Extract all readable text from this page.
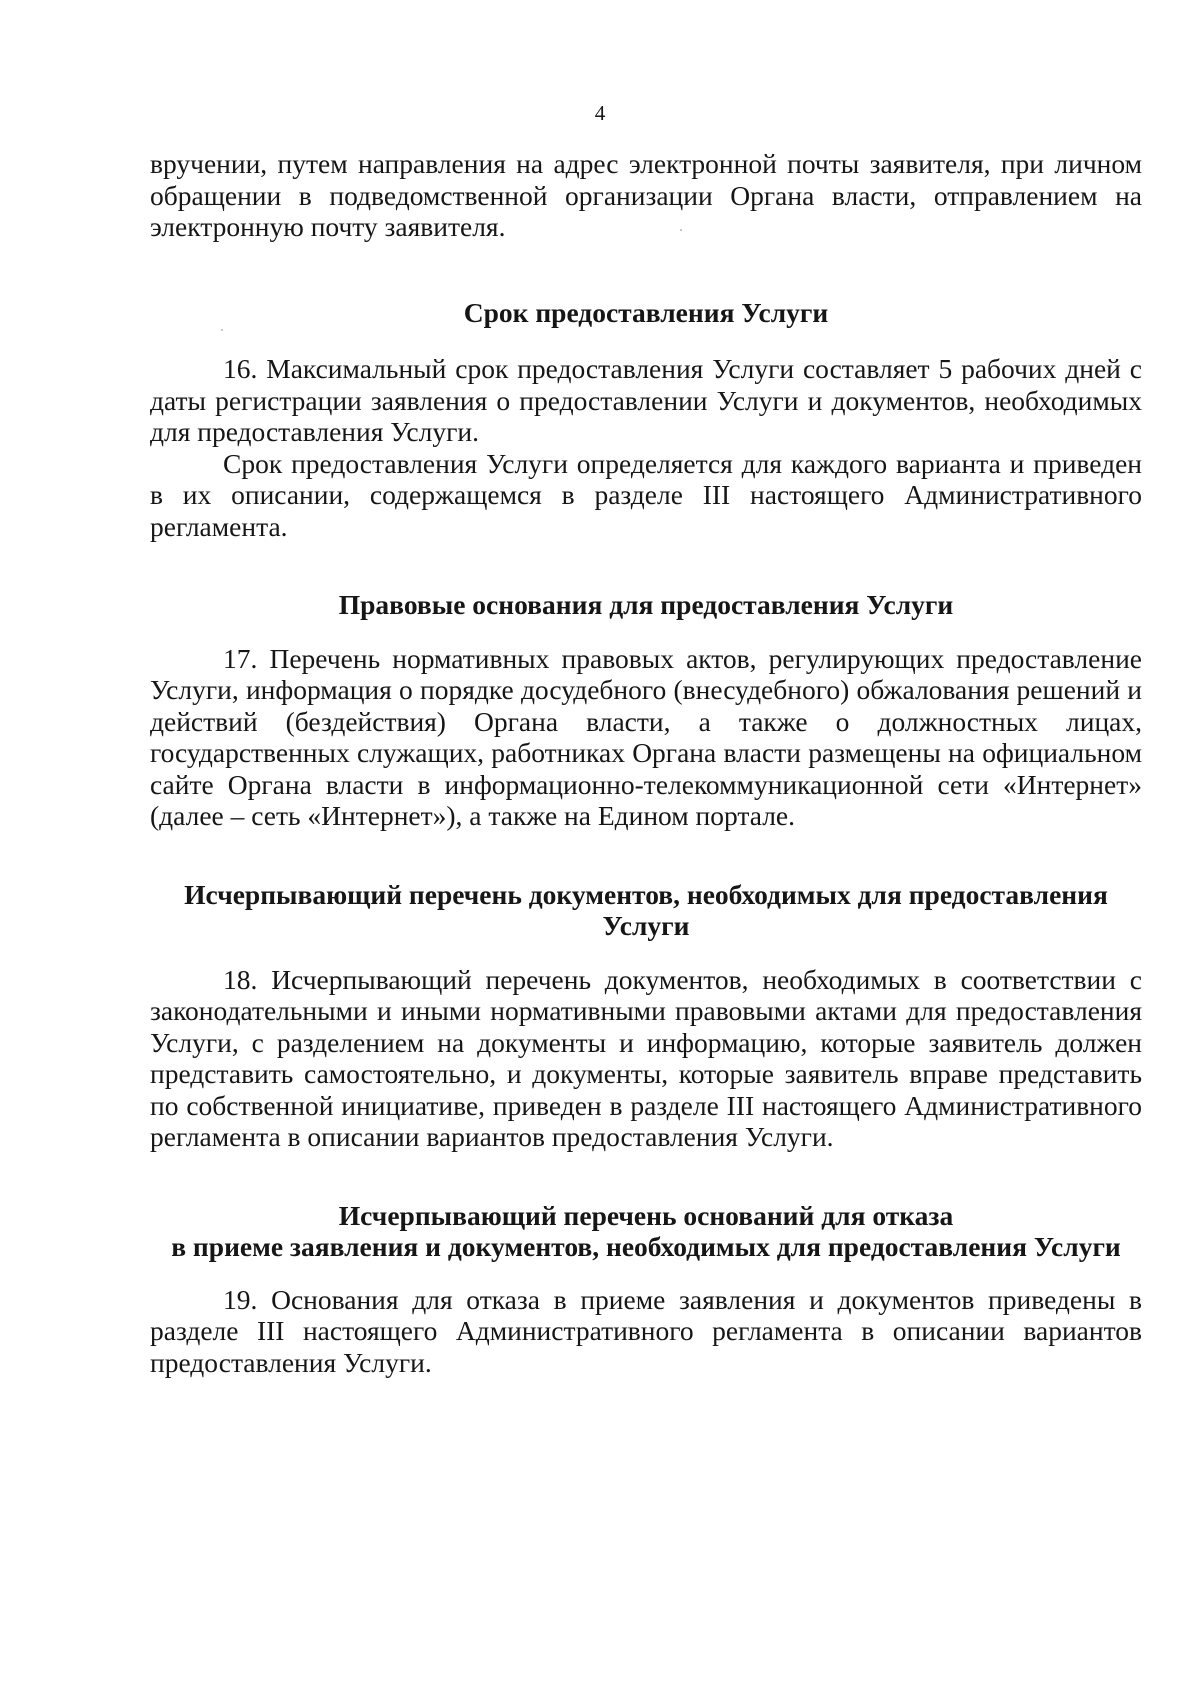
4

вручении, путем направления на адрес электронной почты заявителя, при личном обращении в подведомственной организации Органа власти, отправлением на электронную почту заявителя.

Срок предоставления Услуги

16. Максимальный срок предоставления Услуги составляет 5 рабочих дней с даты регистрации заявления о предоставлении Услуги и документов, необходимых для предоставления Услуги.

Срок предоставления Услуги определяется для каждого варианта и приведен в их описании, содержащемся в разделе III настоящего Административного регламента.

Правовые основания для предоставления Услуги

17. Перечень нормативных правовых актов, регулирующих предоставление Услуги, информация о порядке досудебного (внесудебного) обжалования решений и действий (бездействия) Органа власти, а также о должностных лицах, государственных служащих, работниках Органа власти размещены на официальном сайте Органа власти в информационно-телекоммуникационной сети «Интернет» (далее – сеть «Интернет»), а также на Едином портале.

Исчерпывающий перечень документов, необходимых для предоставления
Услуги

18. Исчерпывающий перечень документов, необходимых в соответствии с законодательными и иными нормативными правовыми актами для предоставления Услуги, с разделением на документы и информацию, которые заявитель должен представить самостоятельно, и документы, которые заявитель вправе представить по собственной инициативе, приведен в разделе III настоящего Административного регламента в описании вариантов предоставления Услуги.

Исчерпывающий перечень оснований для отказа
в приеме заявления и документов, необходимых для предоставления Услуги

19. Основания для отказа в приеме заявления и документов приведены в разделе III настоящего Административного регламента в описании вариантов предоставления Услуги.
